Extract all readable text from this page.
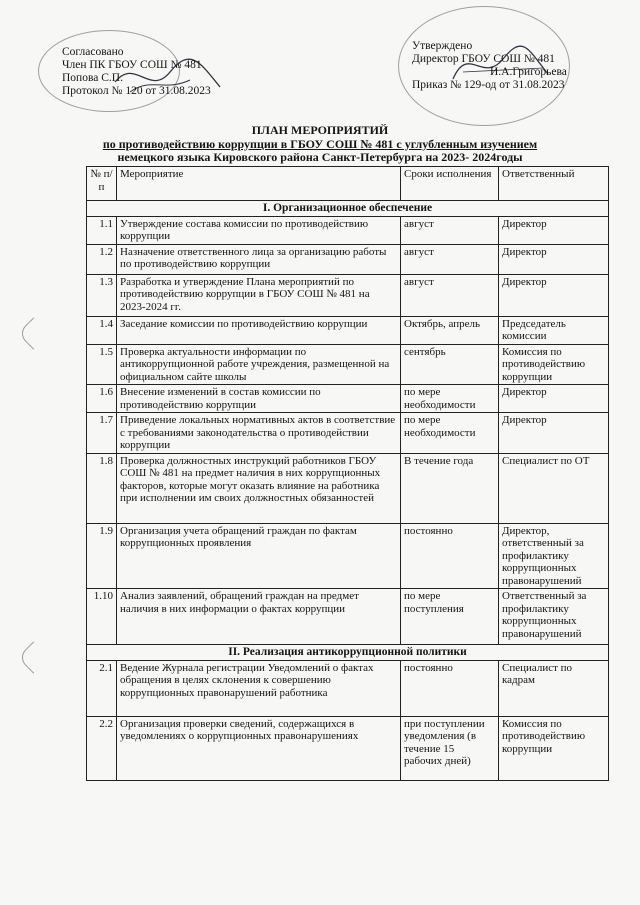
Согласовано
Член ПК ГБОУ СОШ № 481
Попова С.П.
Протокол № 120 от 31.08.2023
Утверждено
Директор ГБОУ СОШ № 481
И.А.Григорьева
Приказ № 129-од от 31.08.2023
ПЛАН МЕРОПРИЯТИЙ
по противодействию коррупции в ГБОУ СОШ № 481 с углубленным изучением
немецкого языка Кировского района Санкт-Петербурга на 2023- 2024годы
№ п/п	Мероприятие	Сроки исполнения	Ответственный
I. Организационное обеспечение			
1.1	Утверждение состава комиссии по противодействию коррупции	август	Директор
1.2	Назначение ответственного лица за организацию работы по противодействию коррупции	август	Директор
1.3	Разработка и утверждение Плана мероприятий по противодействию коррупции в ГБОУ СОШ № 481 на 2023-2024 гг.	август	Директор
1.4	Заседание комиссии по противодействию коррупции	Октябрь, апрель	Председатель комиссии
1.5	Проверка актуальности информации по антикоррупционной работе учреждения, размещенной на официальном сайте школы	сентябрь	Комиссия по противодействию коррупции
1.6	Внесение изменений в состав комиссии по противодействию коррупции	по мере необходимости	Директор
1.7	Приведение локальных нормативных актов в соответствие с требованиями законодательства о противодействии коррупции	по мере необходимости	Директор
1.8	Проверка должностных инструкций работников ГБОУ СОШ № 481 на предмет наличия в них коррупционных факторов, которые могут оказать влияние на работника при исполнении им своих должностных обязанностей	В течение года	Специалист по ОТ
1.9	Организация учета обращений граждан по фактам коррупционных проявления	постоянно	Директор, ответственный за профилактику коррупционных правонарушений
1.10	Анализ заявлений, обращений граждан на предмет наличия в них информации о фактах коррупции	по мере поступления	Ответственный за профилактику коррупционных правонарушений
II. Реализация антикоррупционной политики			
2.1	Ведение Журнала регистрации Уведомлений о фактах обращения в целях склонения к совершению коррупционных правонарушений работника	постоянно	Специалист по кадрам
2.2	Организация проверки сведений, содержащихся в уведомлениях о коррупционных правонарушениях	при поступлении уведомления (в течение 15 рабочих дней)	Комиссия по противодействию коррупции
